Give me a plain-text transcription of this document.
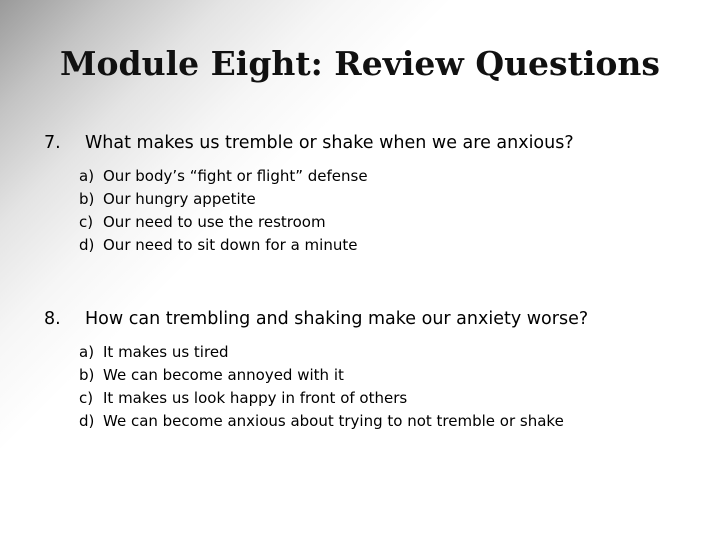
Module Eight: Review Questions
7. What makes us tremble or shake when we are anxious?
a) Our body’s “fight or flight” defense
b) Our hungry appetite
c) Our need to use the restroom
d) Our need to sit down for a minute
8. How can trembling and shaking make our anxiety worse?
a) It makes us tired
b) We can become annoyed with it
c) It makes us look happy in front of others
d) We can become anxious about trying to not tremble or shake
